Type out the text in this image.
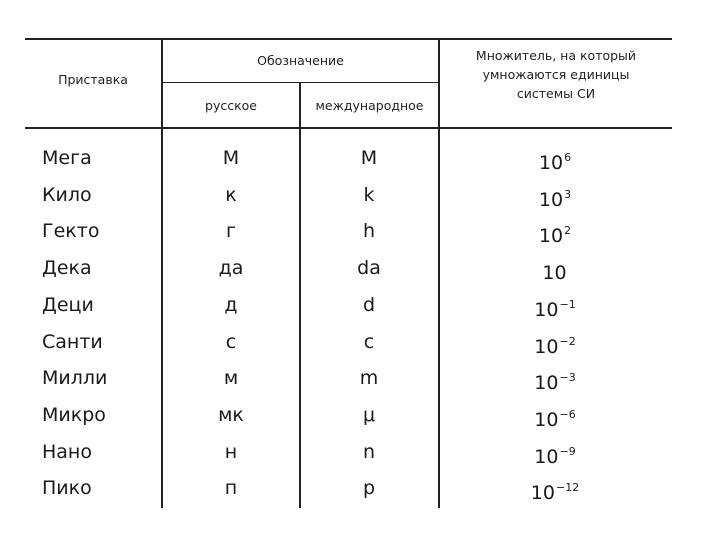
Приставка
Обозначение
русское	международное
Множитель, на который умножаются единицы системы СИ
Мега	М	M	$10^6$
Кило	к	k	$10^3$
Гекто	г	h	$10^2$
Дека	да	da	10
Деци	д	d	$10^{-1}$
Санти	с	c	$10^{-2}$
Милли	м	m	$10^{-3}$
Микро	мк	μ	$10^{-6}$
Нано	н	n	$10^{-9}$
Пико	п	p	$10^{-12}$
